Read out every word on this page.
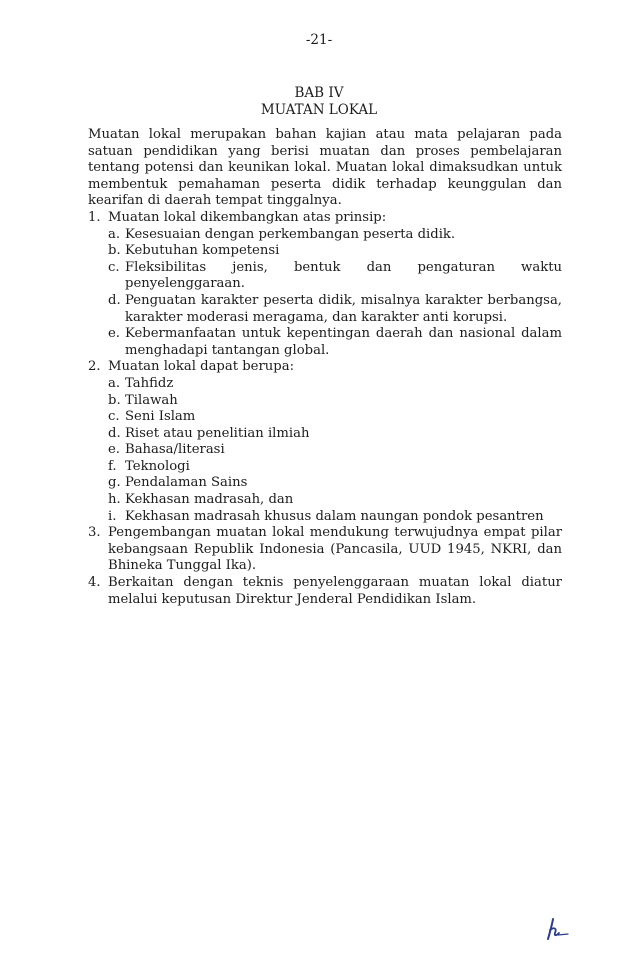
-21-
BAB IV
MUATAN LOKAL

Muatan lokal merupakan bahan kajian atau mata pelajaran pada satuan pendidikan yang berisi muatan dan proses pembelajaran tentang potensi dan keunikan lokal. Muatan lokal dimaksudkan untuk membentuk pemahaman peserta didik terhadap keunggulan dan kearifan di daerah tempat tinggalnya.

1. Muatan lokal dikembangkan atas prinsip:
a. Kesesuaian dengan perkembangan peserta didik.
b. Kebutuhan kompetensi
c. Fleksibilitas jenis, bentuk dan pengaturan waktu penyelenggaraan.
d. Penguatan karakter peserta didik, misalnya karakter berbangsa, karakter moderasi meragama, dan karakter anti korupsi.
e. Kebermanfaatan untuk kepentingan daerah dan nasional dalam menghadapi tantangan global.
2. Muatan lokal dapat berupa:
a. Tahfidz
b. Tilawah
c. Seni Islam
d. Riset atau penelitian ilmiah
e. Bahasa/literasi
f. Teknologi
g. Pendalaman Sains
h. Kekhasan madrasah, dan
i. Kekhasan madrasah khusus dalam naungan pondok pesantren
3. Pengembangan muatan lokal mendukung terwujudnya empat pilar kebangsaan Republik Indonesia (Pancasila, UUD 1945, NKRI, dan Bhineka Tunggal Ika).
4. Berkaitan dengan teknis penyelenggaraan muatan lokal diatur melalui keputusan Direktur Jenderal Pendidikan Islam.
